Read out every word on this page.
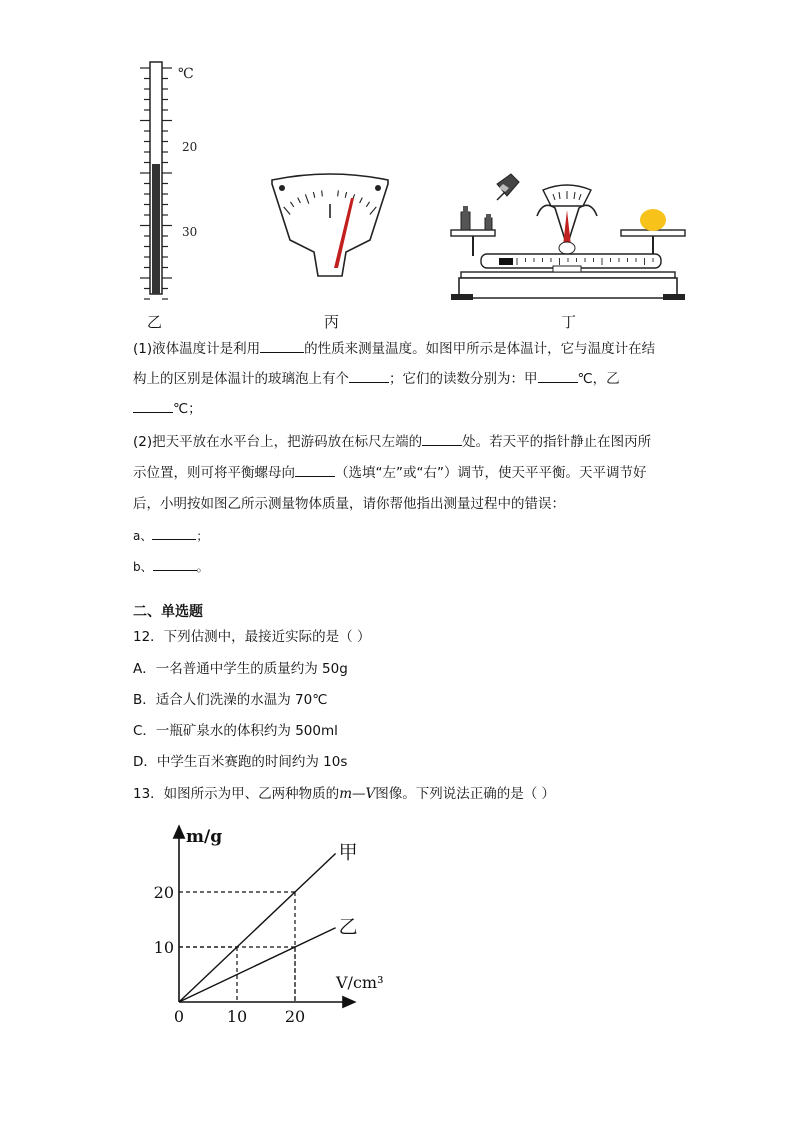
℃
20
30
乙	丙	丁
(1)液体温度计是利用	的性质来测量温度。如图甲所示是体温计，它与温度计在结
构上的区别是体温计的玻璃泡上有个	；它们的读数分别为：甲	℃，乙
℃；
(2)把天平放在水平台上，把游码放在标尺左端的	处。若天平的指针静止在图丙所
示位置，则可将平衡螺母向	（选填“左”或“右”）调节，使天平平衡。天平调节好
后，小明按如图乙所示测量物体质量，请你帮他指出测量过程中的错误：
a、	；
b、	。
二、单选题
12．下列估测中，最接近实际的是（ ）
A．一名普通中学生的质量约为 50g
B．适合人们洗澡的水温为 70℃
C．一瓶矿泉水的体积约为 500ml
D．中学生百米赛跑的时间约为 10s
13．如图所示为甲、乙两种物质的m—V图像。下列说法正确的是（ ）
甲
乙
m/g
V/cm³
0	10 20
10
20
